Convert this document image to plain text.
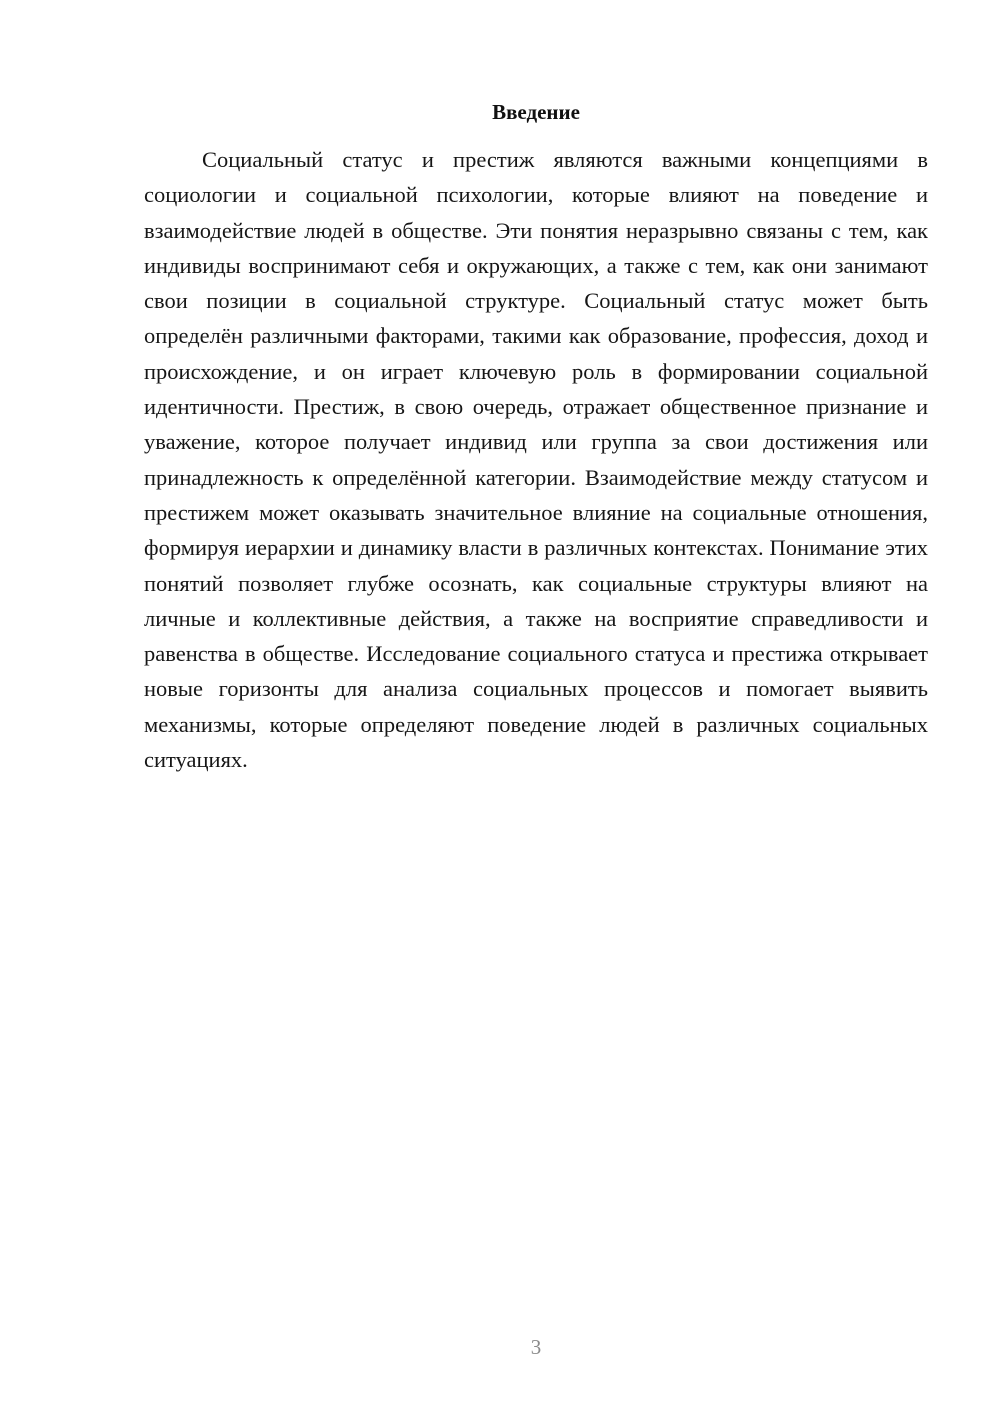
Введение

Социальный статус и престиж являются важными концепциями в социологии и социальной психологии, которые влияют на поведение и взаимодействие людей в обществе. Эти понятия неразрывно связаны с тем, как индивиды воспринимают себя и окружающих, а также с тем, как они занимают свои позиции в социальной структуре. Социальный статус может быть определён различными факторами, такими как образование, профессия, доход и происхождение, и он играет ключевую роль в формировании социальной идентичности. Престиж, в свою очередь, отражает общественное признание и уважение, которое получает индивид или группа за свои достижения или принадлежность к определённой категории. Взаимодействие между статусом и престижем может оказывать значительное влияние на социальные отношения, формируя иерархии и динамику власти в различных контекстах. Понимание этих понятий позволяет глубже осознать, как социальные структуры влияют на личные и коллективные действия, а также на восприятие справедливости и равенства в обществе. Исследование социального статуса и престижа открывает новые горизонты для анализа социальных процессов и помогает выявить механизмы, которые определяют поведение людей в различных социальных ситуациях.

3
